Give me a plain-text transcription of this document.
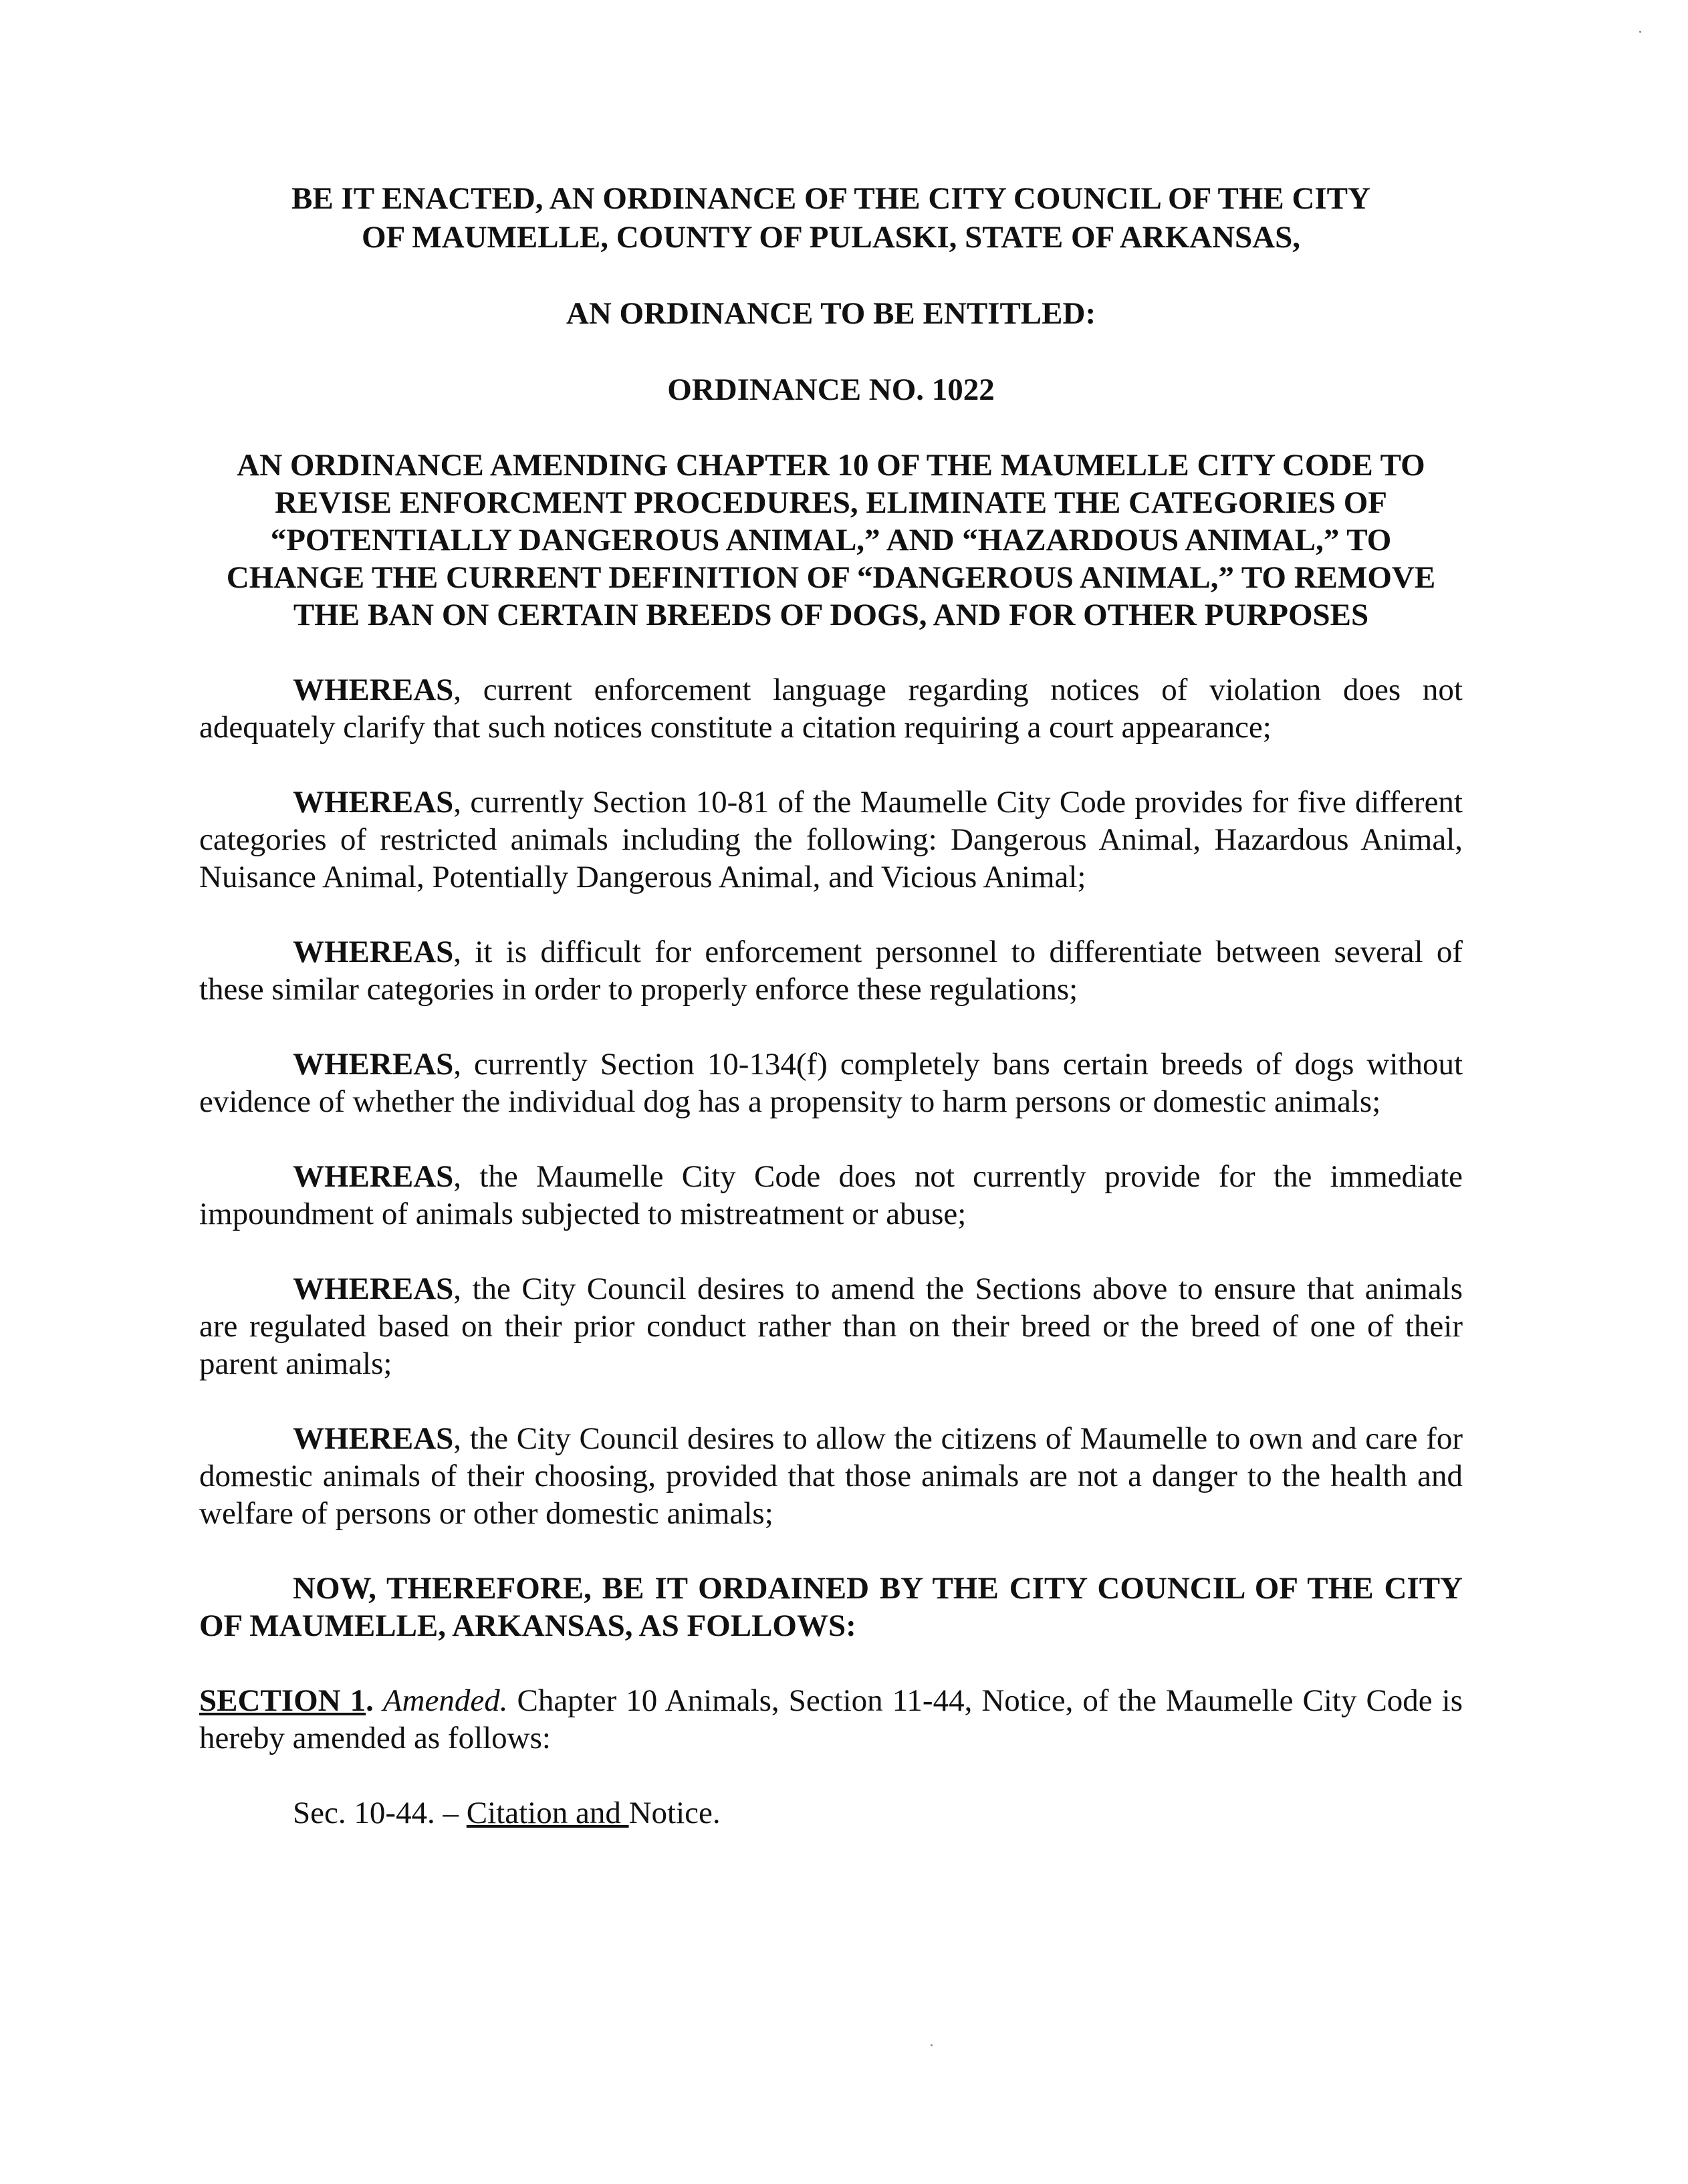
BE IT ENACTED, AN ORDINANCE OF THE CITY COUNCIL OF THE CITY
OF MAUMELLE, COUNTY OF PULASKI, STATE OF ARKANSAS,
AN ORDINANCE TO BE ENTITLED:
ORDINANCE NO. 1022
AN ORDINANCE AMENDING CHAPTER 10 OF THE MAUMELLE CITY CODE TO
REVISE ENFORCMENT PROCEDURES, ELIMINATE THE CATEGORIES OF
“POTENTIALLY DANGEROUS ANIMAL,” AND “HAZARDOUS ANIMAL,” TO
CHANGE THE CURRENT DEFINITION OF “DANGEROUS ANIMAL,” TO REMOVE
THE BAN ON CERTAIN BREEDS OF DOGS, AND FOR OTHER PURPOSES

WHEREAS, current enforcement language regarding notices of violation does not adequately clarify that such notices constitute a citation requiring a court appearance;

WHEREAS, currently Section 10-81 of the Maumelle City Code provides for five different categories of restricted animals including the following: Dangerous Animal, Hazardous Animal, Nuisance Animal, Potentially Dangerous Animal, and Vicious Animal;

WHEREAS, it is difficult for enforcement personnel to differentiate between several of these similar categories in order to properly enforce these regulations;

WHEREAS, currently Section 10-134(f) completely bans certain breeds of dogs without evidence of whether the individual dog has a propensity to harm persons or domestic animals;

WHEREAS, the Maumelle City Code does not currently provide for the immediate impoundment of animals subjected to mistreatment or abuse;

WHEREAS, the City Council desires to amend the Sections above to ensure that animals are regulated based on their prior conduct rather than on their breed or the breed of one of their parent animals;

WHEREAS, the City Council desires to allow the citizens of Maumelle to own and care for domestic animals of their choosing, provided that those animals are not a danger to the health and welfare of persons or other domestic animals;

NOW, THEREFORE, BE IT ORDAINED BY THE CITY COUNCIL OF THE CITY OF MAUMELLE, ARKANSAS, AS FOLLOWS:

SECTION 1. Amended. Chapter 10 Animals, Section 11-44, Notice, of the Maumelle City Code is hereby amended as follows:

Sec. 10-44. – Citation and Notice.
